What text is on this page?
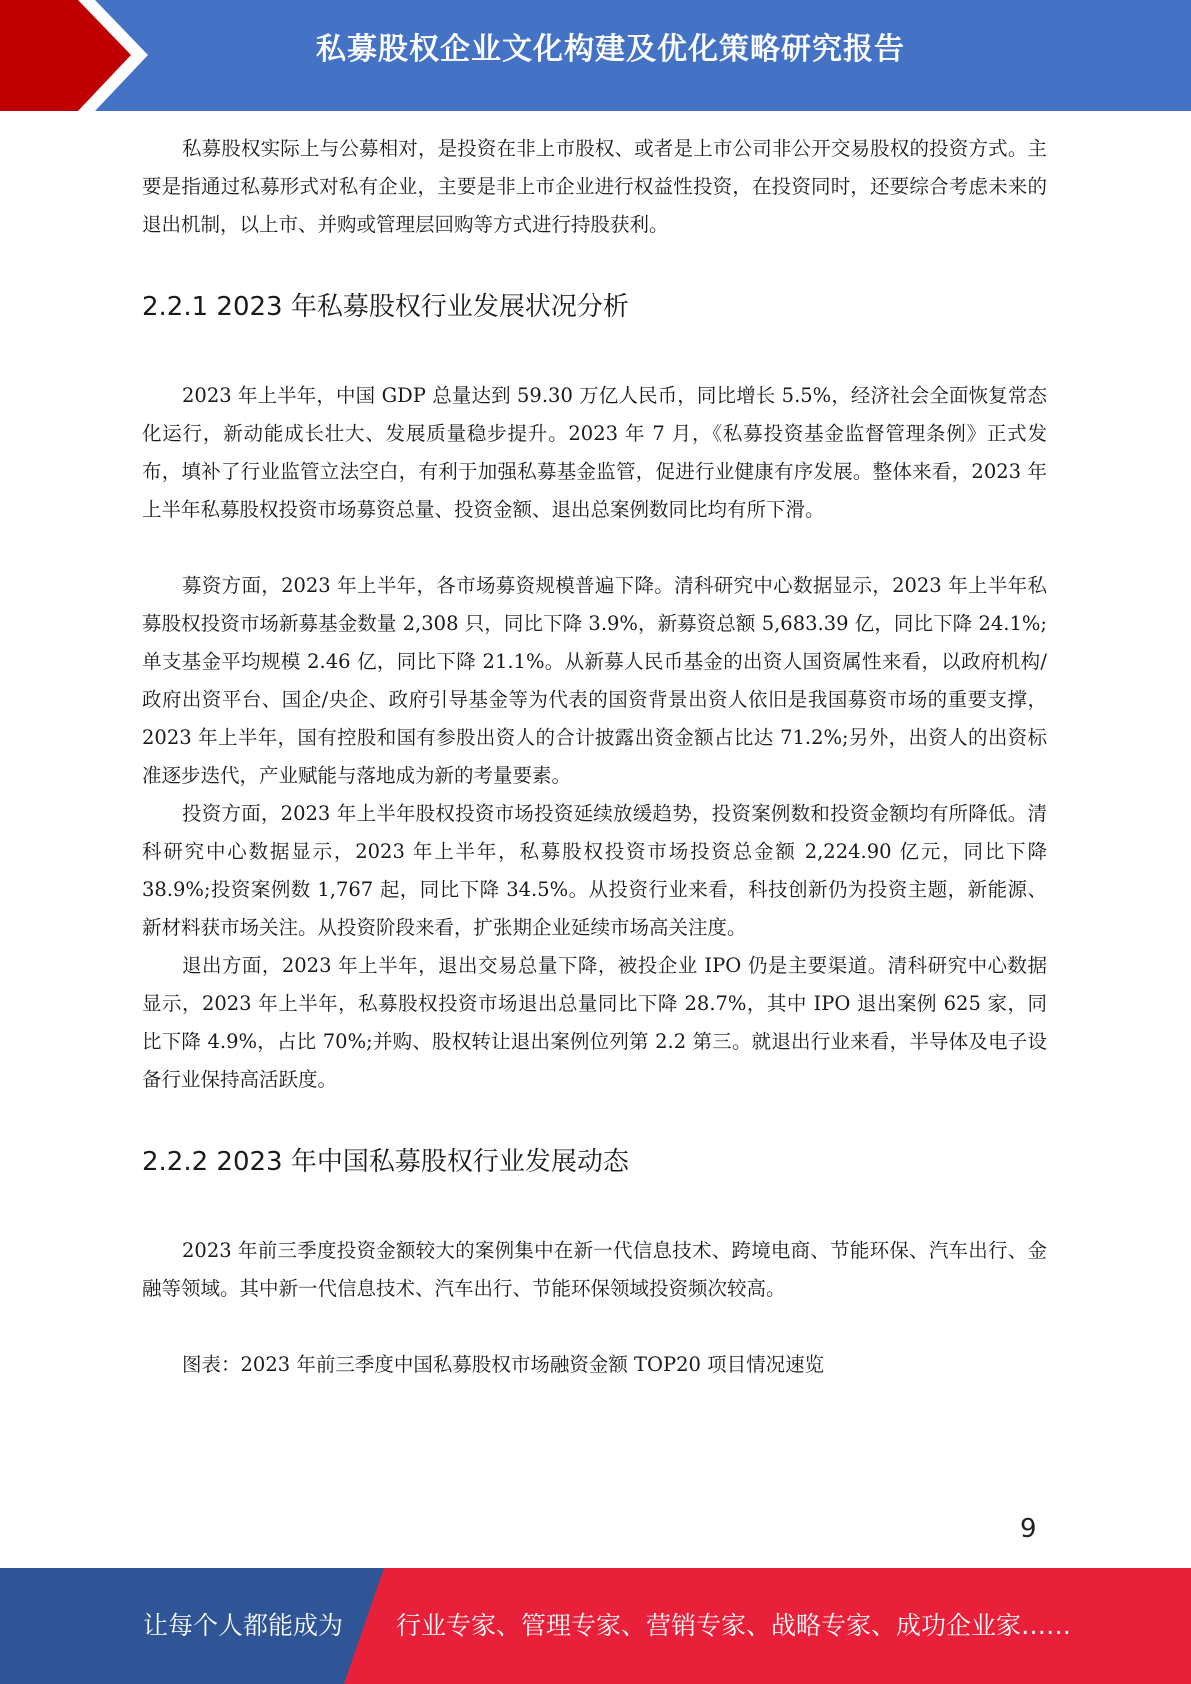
私募股权企业文化构建及优化策略研究报告

私募股权实际上与公募相对，是投资在非上市股权、或者是上市公司非公开交易股权的投资方式。主要是指通过私募形式对私有企业，主要是非上市企业进行权益性投资，在投资同时，还要综合考虑未来的退出机制，以上市、并购或管理层回购等方式进行持股获利。

2.2.1 2023 年私募股权行业发展状况分析

2023 年上半年，中国 GDP 总量达到 59.30 万亿人民币，同比增长 5.5%，经济社会全面恢复常态化运行，新动能成长壮大、发展质量稳步提升。2023 年 7 月，《私募投资基金监督管理条例》正式发布，填补了行业监管立法空白，有利于加强私募基金监管，促进行业健康有序发展。整体来看，2023 年上半年私募股权投资市场募资总量、投资金额、退出总案例数同比均有所下滑。

募资方面，2023 年上半年，各市场募资规模普遍下降。清科研究中心数据显示，2023 年上半年私募股权投资市场新募基金数量 2,308 只，同比下降 3.9%，新募资总额 5,683.39 亿，同比下降 24.1%;单支基金平均规模 2.46 亿，同比下降 21.1%。从新募人民币基金的出资人国资属性来看，以政府机构/政府出资平台、国企/央企、政府引导基金等为代表的国资背景出资人依旧是我国募资市场的重要支撑，2023 年上半年，国有控股和国有参股出资人的合计披露出资金额占比达 71.2%;另外，出资人的出资标准逐步迭代，产业赋能与落地成为新的考量要素。

投资方面，2023 年上半年股权投资市场投资延续放缓趋势，投资案例数和投资金额均有所降低。清科研究中心数据显示，2023 年上半年，私募股权投资市场投资总金额 2,224.90 亿元，同比下降 38.9%;投资案例数 1,767 起，同比下降 34.5%。从投资行业来看，科技创新仍为投资主题，新能源、新材料获市场关注。从投资阶段来看，扩张期企业延续市场高关注度。

退出方面，2023 年上半年，退出交易总量下降，被投企业 IPO 仍是主要渠道。清科研究中心数据显示，2023 年上半年，私募股权投资市场退出总量同比下降 28.7%，其中 IPO 退出案例 625 家，同比下降 4.9%，占比 70%;并购、股权转让退出案例位列第 2.2 第三。就退出行业来看，半导体及电子设备行业保持高活跃度。

2.2.2 2023 年中国私募股权行业发展动态

2023 年前三季度投资金额较大的案例集中在新一代信息技术、跨境电商、节能环保、汽车出行、金融等领域。其中新一代信息技术、汽车出行、节能环保领域投资频次较高。

图表：2023 年前三季度中国私募股权市场融资金额 TOP20 项目情况速览

9
让每个人都能成为 行业专家、管理专家、营销专家、战略专家、成功企业家……
